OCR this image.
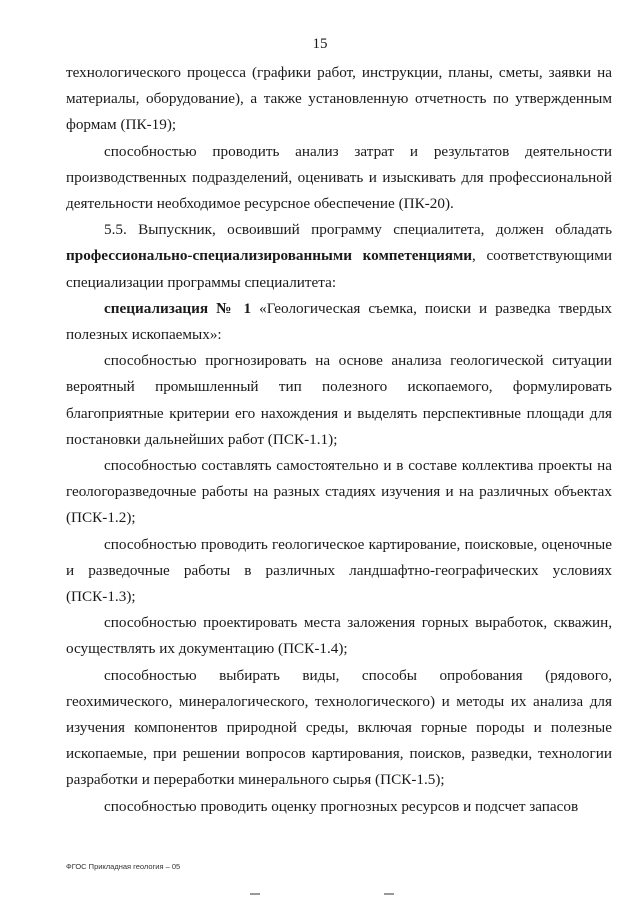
15

технологического процесса (графики работ, инструкции, планы, сметы, заявки на материалы, оборудование), а также установленную отчетность по утвержденным формам (ПК-19);

способностью проводить анализ затрат и результатов деятельности производственных подразделений, оценивать и изыскивать для профессиональной деятельности необходимое ресурсное обеспечение (ПК-20).

5.5. Выпускник, освоивший программу специалитета, должен обладать профессионально-специализированными компетенциями, соответствующими специализации программы специалитета:

специализация № 1 «Геологическая съемка, поиски и разведка твердых полезных ископаемых»:

способностью прогнозировать на основе анализа геологической ситуации вероятный промышленный тип полезного ископаемого, формулировать благоприятные критерии его нахождения и выделять перспективные площади для постановки дальнейших работ (ПСК-1.1);

способностью составлять самостоятельно и в составе коллектива проекты на геологоразведочные работы на разных стадиях изучения и на различных объектах (ПСК-1.2);

способностью проводить геологическое картирование, поисковые, оценочные и разведочные работы в различных ландшафтно-географических условиях (ПСК-1.3);

способностью проектировать места заложения горных выработок, скважин, осуществлять их документацию (ПСК-1.4);

способностью выбирать виды, способы опробования (рядового, геохимического, минералогического, технологического) и методы их анализа для изучения компонентов природной среды, включая горные породы и полезные ископаемые, при решении вопросов картирования, поисков, разведки, технологии разработки и переработки минерального сырья (ПСК-1.5);

способностью проводить оценку прогнозных ресурсов и подсчет запасов

ФГОС Прикладная геология – 05
